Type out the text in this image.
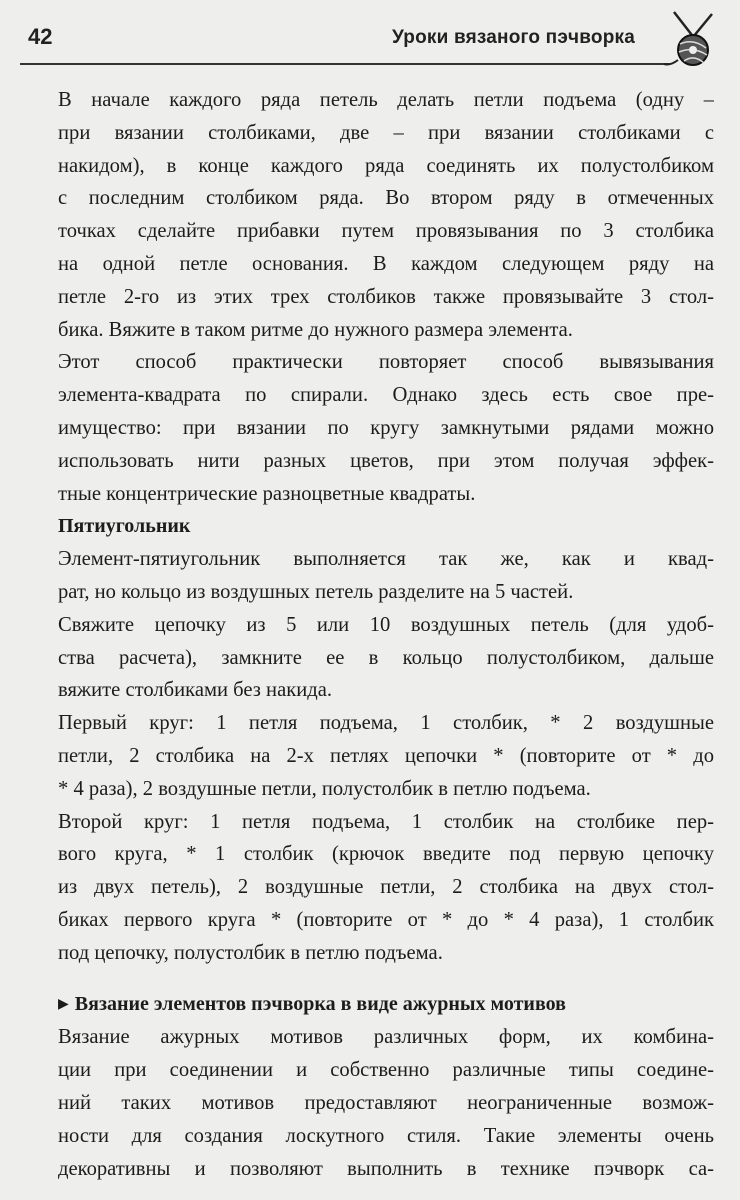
42	Уроки вязаного пэчворка

В начале каждого ряда петель делать петли подъема (одну –
при вязании столбиками, две – при вязании столбиками с
накидом), в конце каждого ряда соединять их полустолбиком
с последним столбиком ряда. Во втором ряду в отмеченных
точках сделайте прибавки путем провязывания по 3 столбика
на одной петле основания. В каждом следующем ряду на
петле 2-го из этих трех столбиков также провязывайте 3 стол-
бика. Вяжите в таком ритме до нужного размера элемента.

Этот способ практически повторяет способ вывязывания
элемента-квадрата по спирали. Однако здесь есть свое пре-
имущество: при вязании по кругу замкнутыми рядами можно
использовать нити разных цветов, при этом получая эффек-
тные концентрические разноцветные квадраты.

Пятиугольник

Элемент-пятиугольник выполняется так же, как и квад-
рат, но кольцо из воздушных петель разделите на 5 частей.

Свяжите цепочку из 5 или 10 воздушных петель (для удоб-
ства расчета), замкните ее в кольцо полустолбиком, дальше
вяжите столбиками без накида.

Первый круг: 1 петля подъема, 1 столбик, * 2 воздушные
петли, 2 столбика на 2-х петлях цепочки * (повторите от * до
* 4 раза), 2 воздушные петли, полустолбик в петлю подъема.

Второй круг: 1 петля подъема, 1 столбик на столбике пер-
вого круга, * 1 столбик (крючок введите под первую цепочку
из двух петель), 2 воздушные петли, 2 столбика на двух стол-
биках первого круга * (повторите от * до * 4 раза), 1 столбик
под цепочку, полустолбик в петлю подъема.

▶ Вязание элементов пэчворка в виде ажурных мотивов

Вязание ажурных мотивов различных форм, их комбина-
ции при соединении и собственно различные типы соедине-
ний таких мотивов предоставляют неограниченные возмож-
ности для создания лоскутного стиля. Такие элементы очень
декоративны и позволяют выполнить в технике пэчворк са-
